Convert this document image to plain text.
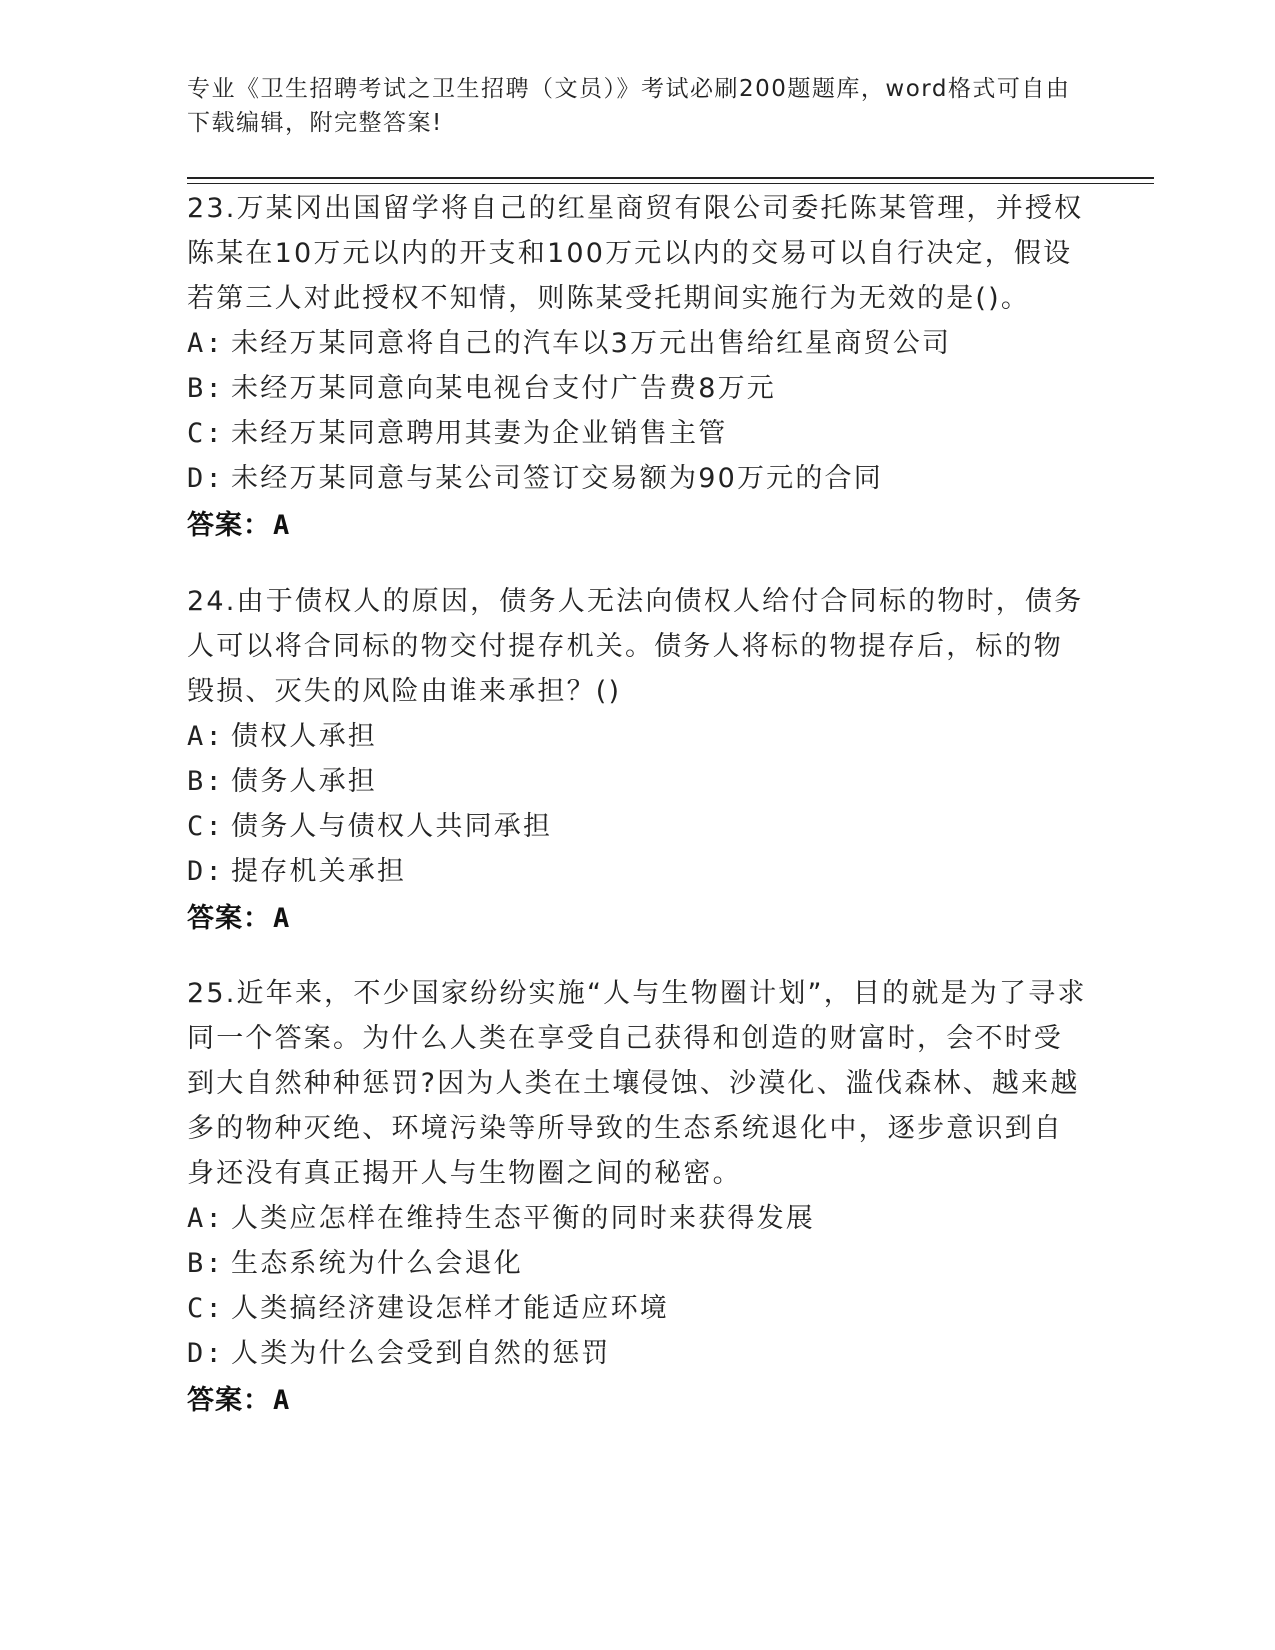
专业《卫生招聘考试之卫生招聘（文员）》考试必刷200题题库，word格式可自由下载编辑，附完整答案!
23.万某冈出国留学将自己的红星商贸有限公司委托陈某管理，并授权陈某在10万元以内的开支和100万元以内的交易可以自行决定，假设若第三人对此授权不知情，则陈某受托期间实施行为无效的是()。
A: 未经万某同意将自己的汽车以3万元出售给红星商贸公司
B: 未经万某同意向某电视台支付广告费8万元
C: 未经万某同意聘用其妻为企业销售主管
D: 未经万某同意与某公司签订交易额为90万元的合同
答案：A
24.由于债权人的原因，债务人无法向债权人给付合同标的物时，债务人可以将合同标的物交付提存机关。债务人将标的物提存后，标的物毁损、灭失的风险由谁来承担？()
A: 债权人承担
B: 债务人承担
C: 债务人与债权人共同承担
D: 提存机关承担
答案：A
25.近年来，不少国家纷纷实施“人与生物圈计划”，目的就是为了寻求同一个答案。为什么人类在享受自己获得和创造的财富时，会不时受到大自然种种惩罚?因为人类在土壤侵蚀、沙漠化、滥伐森林、越来越多的物种灭绝、环境污染等所导致的生态系统退化中，逐步意识到自身还没有真正揭开人与生物圈之间的秘密。
A: 人类应怎样在维持生态平衡的同时来获得发展
B: 生态系统为什么会退化
C: 人类搞经济建设怎样才能适应环境
D: 人类为什么会受到自然的惩罚
答案：A
